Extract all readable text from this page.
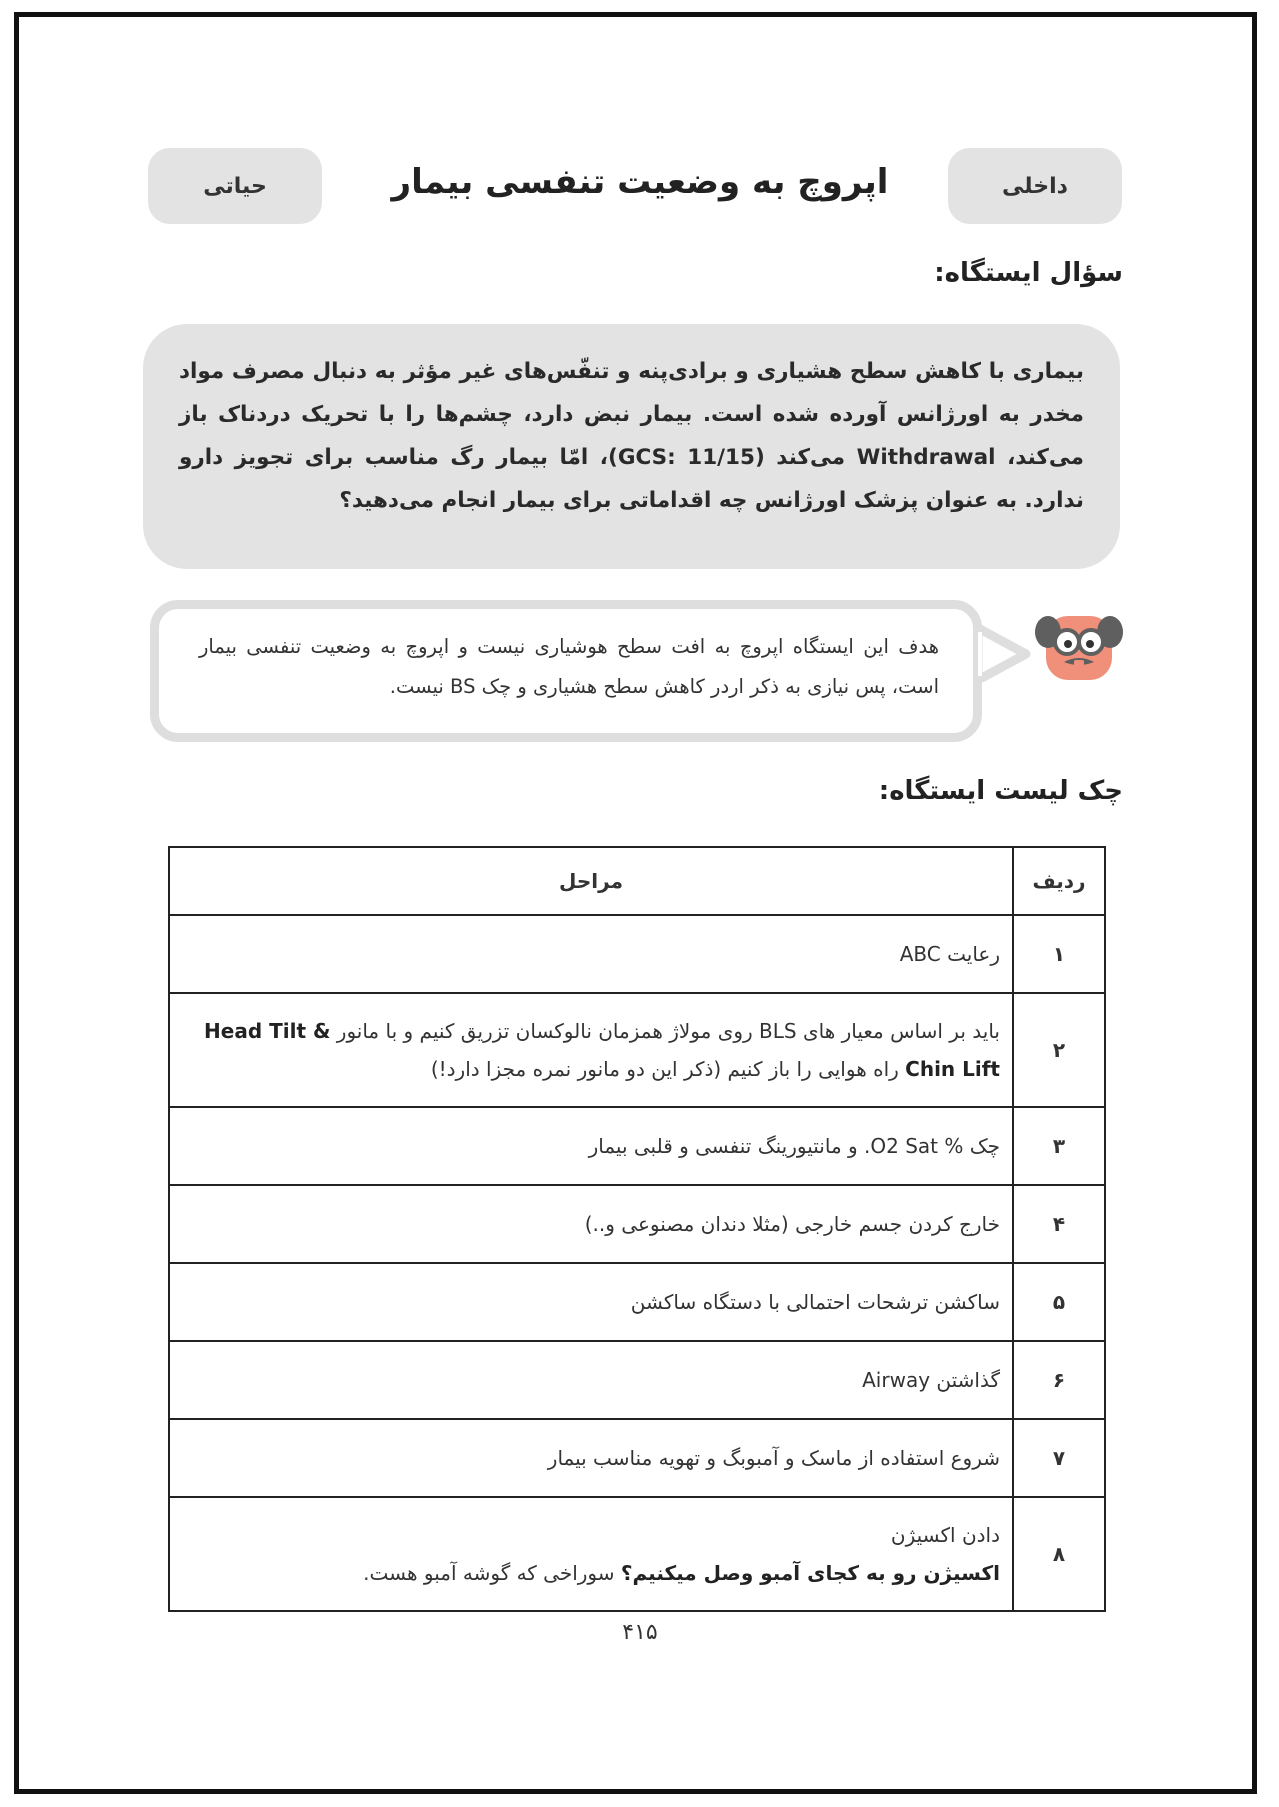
حیاتی	اپروچ به وضعیت تنفسی بیمار	داخلی
سؤال ایستگاه:
بیماری با کاهش سطح هشیاری و برادی‌پنه و تنفّس‌های غیر مؤثر به دنبال مصرف مواد مخدر به اورژانس آورده شده است. بیمار نبض دارد، چشم‌ها را با تحریک دردناک باز می‌کند، Withdrawal می‌کند (GCS: 11/15)، امّا بیمار رگ مناسب برای تجویز دارو ندارد. به عنوان پزشک اورژانس چه اقداماتی برای بیمار انجام می‌دهید؟
هدف این ایستگاه اپروچ به افت سطح هوشیاری نیست و اپروچ به وضعیت تنفسی بیمار است، پس نیازی به ذکر اردر کاهش سطح هشیاری و چک BS نیست.
چک لیست ایستگاه:
ردیف	مراحل
۱	رعایت ABC
۲	باید بر اساس معیار های BLS روی مولاژ همزمان نالوکسان تزریق کنیم و با مانور Head Tilt & Chin Lift راه هوایی را باز کنیم (ذکر این دو مانور نمره مجزا دارد!)
۳	چک % O2 Sat. و مانتیورینگ تنفسی و قلبی بیمار
۴	خارج کردن جسم خارجی (مثلا دندان مصنوعی و..)
۵	ساکشن ترشحات احتمالی با دستگاه ساکشن
۶	گذاشتن Airway
۷	شروع استفاده از ماسک و آمبوبگ و تهویه مناسب بیمار
۸	دادن اکسیژن
اکسیژن رو به کجای آمبو وصل میکنیم؟ سوراخی که گوشه آمبو هست.
۴۱۵
